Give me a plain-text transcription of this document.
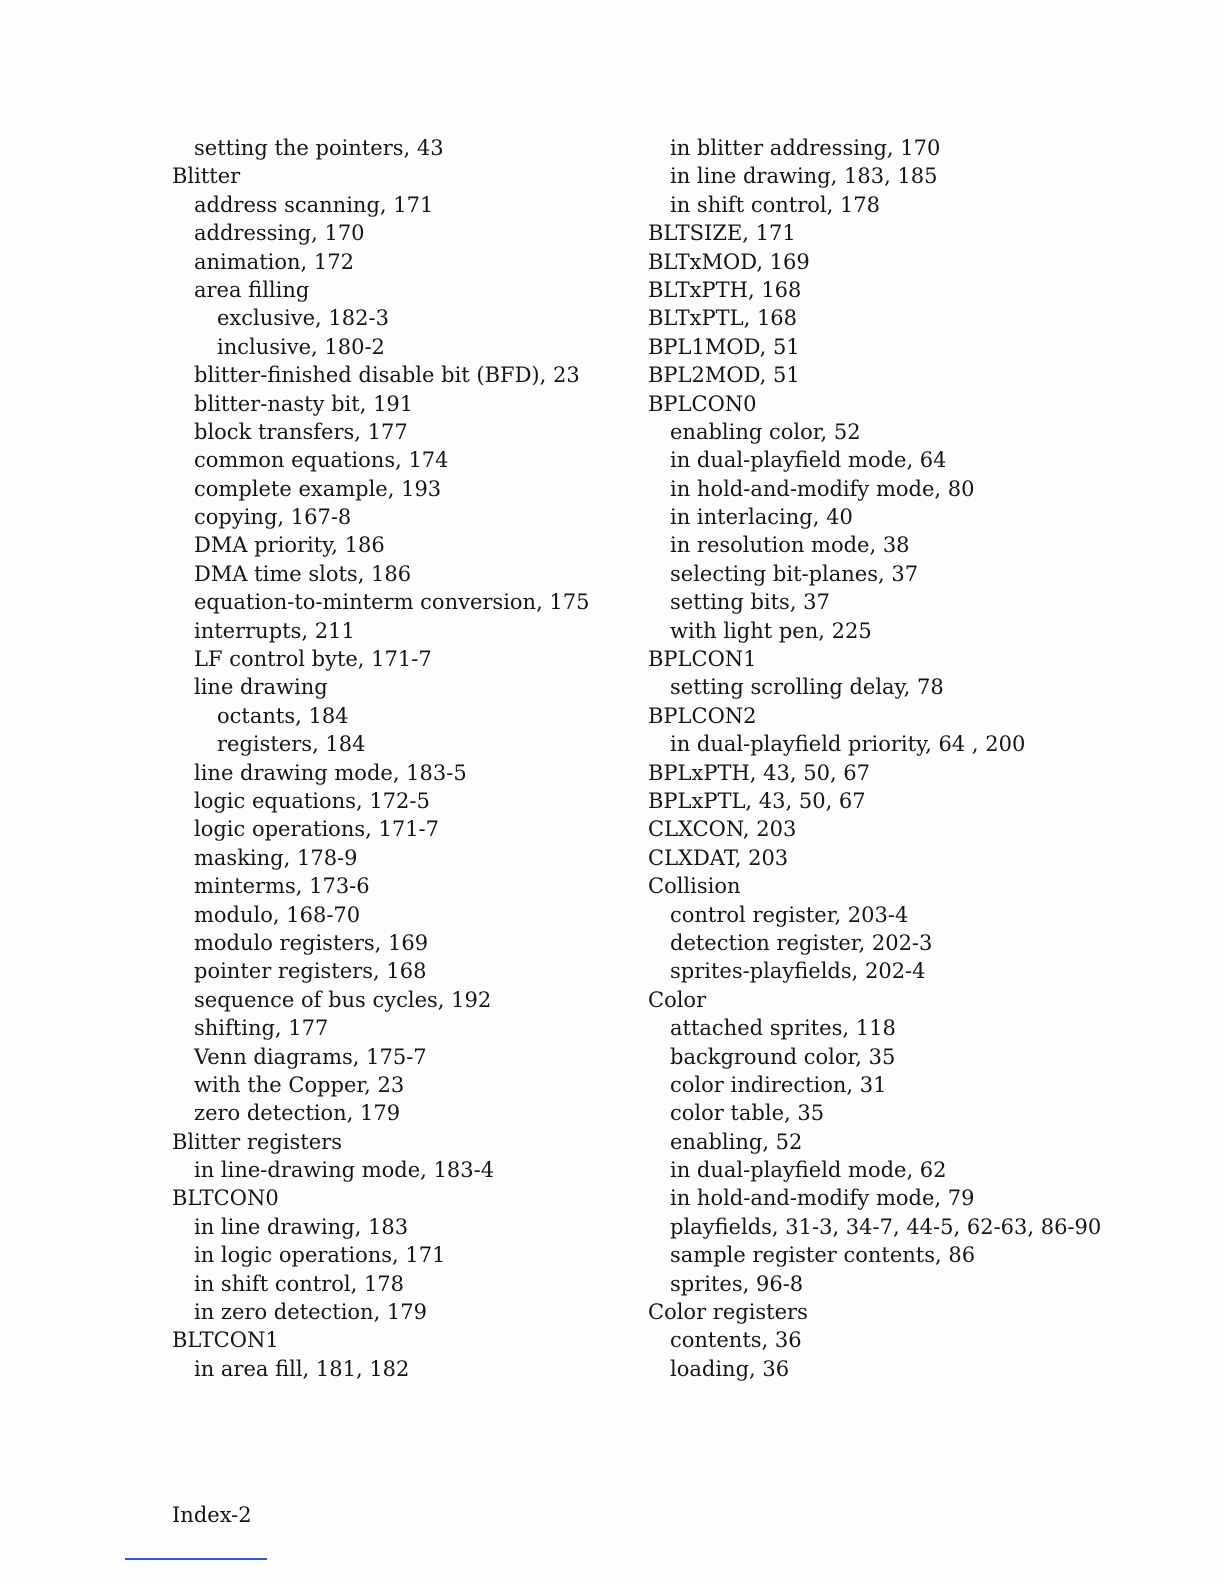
setting the pointers, 43
Blitter
address scanning, 171
addressing, 170
animation, 172
area filling
exclusive, 182-3
inclusive, 180-2
blitter-finished disable bit (BFD), 23
blitter-nasty bit, 191
block transfers, 177
common equations, 174
complete example, 193
copying, 167-8
DMA priority, 186
DMA time slots, 186
equation-to-minterm conversion, 175
interrupts, 211
LF control byte, 171-7
line drawing
octants, 184
registers, 184
line drawing mode, 183-5
logic equations, 172-5
logic operations, 171-7
masking, 178-9
minterms, 173-6
modulo, 168-70
modulo registers, 169
pointer registers, 168
sequence of bus cycles, 192
shifting, 177
Venn diagrams, 175-7
with the Copper, 23
zero detection, 179
Blitter registers
in line-drawing mode, 183-4
BLTCON0
in line drawing, 183
in logic operations, 171
in shift control, 178
in zero detection, 179
BLTCON1
in area fill, 181, 182
in blitter addressing, 170
in line drawing, 183, 185
in shift control, 178
BLTSIZE, 171
BLTxMOD, 169
BLTxPTH, 168
BLTxPTL, 168
BPL1MOD, 51
BPL2MOD, 51
BPLCON0
enabling color, 52
in dual-playfield mode, 64
in hold-and-modify mode, 80
in interlacing, 40
in resolution mode, 38
selecting bit-planes, 37
setting bits, 37
with light pen, 225
BPLCON1
setting scrolling delay, 78
BPLCON2
in dual-playfield priority, 64 , 200
BPLxPTH, 43, 50, 67
BPLxPTL, 43, 50, 67
CLXCON, 203
CLXDAT, 203
Collision
control register, 203-4
detection register, 202-3
sprites-playfields, 202-4
Color
attached sprites, 118
background color, 35
color indirection, 31
color table, 35
enabling, 52
in dual-playfield mode, 62
in hold-and-modify mode, 79
playfields, 31-3, 34-7, 44-5, 62-63, 86-90
sample register contents, 86
sprites, 96-8
Color registers
contents, 36
loading, 36
Index-2
